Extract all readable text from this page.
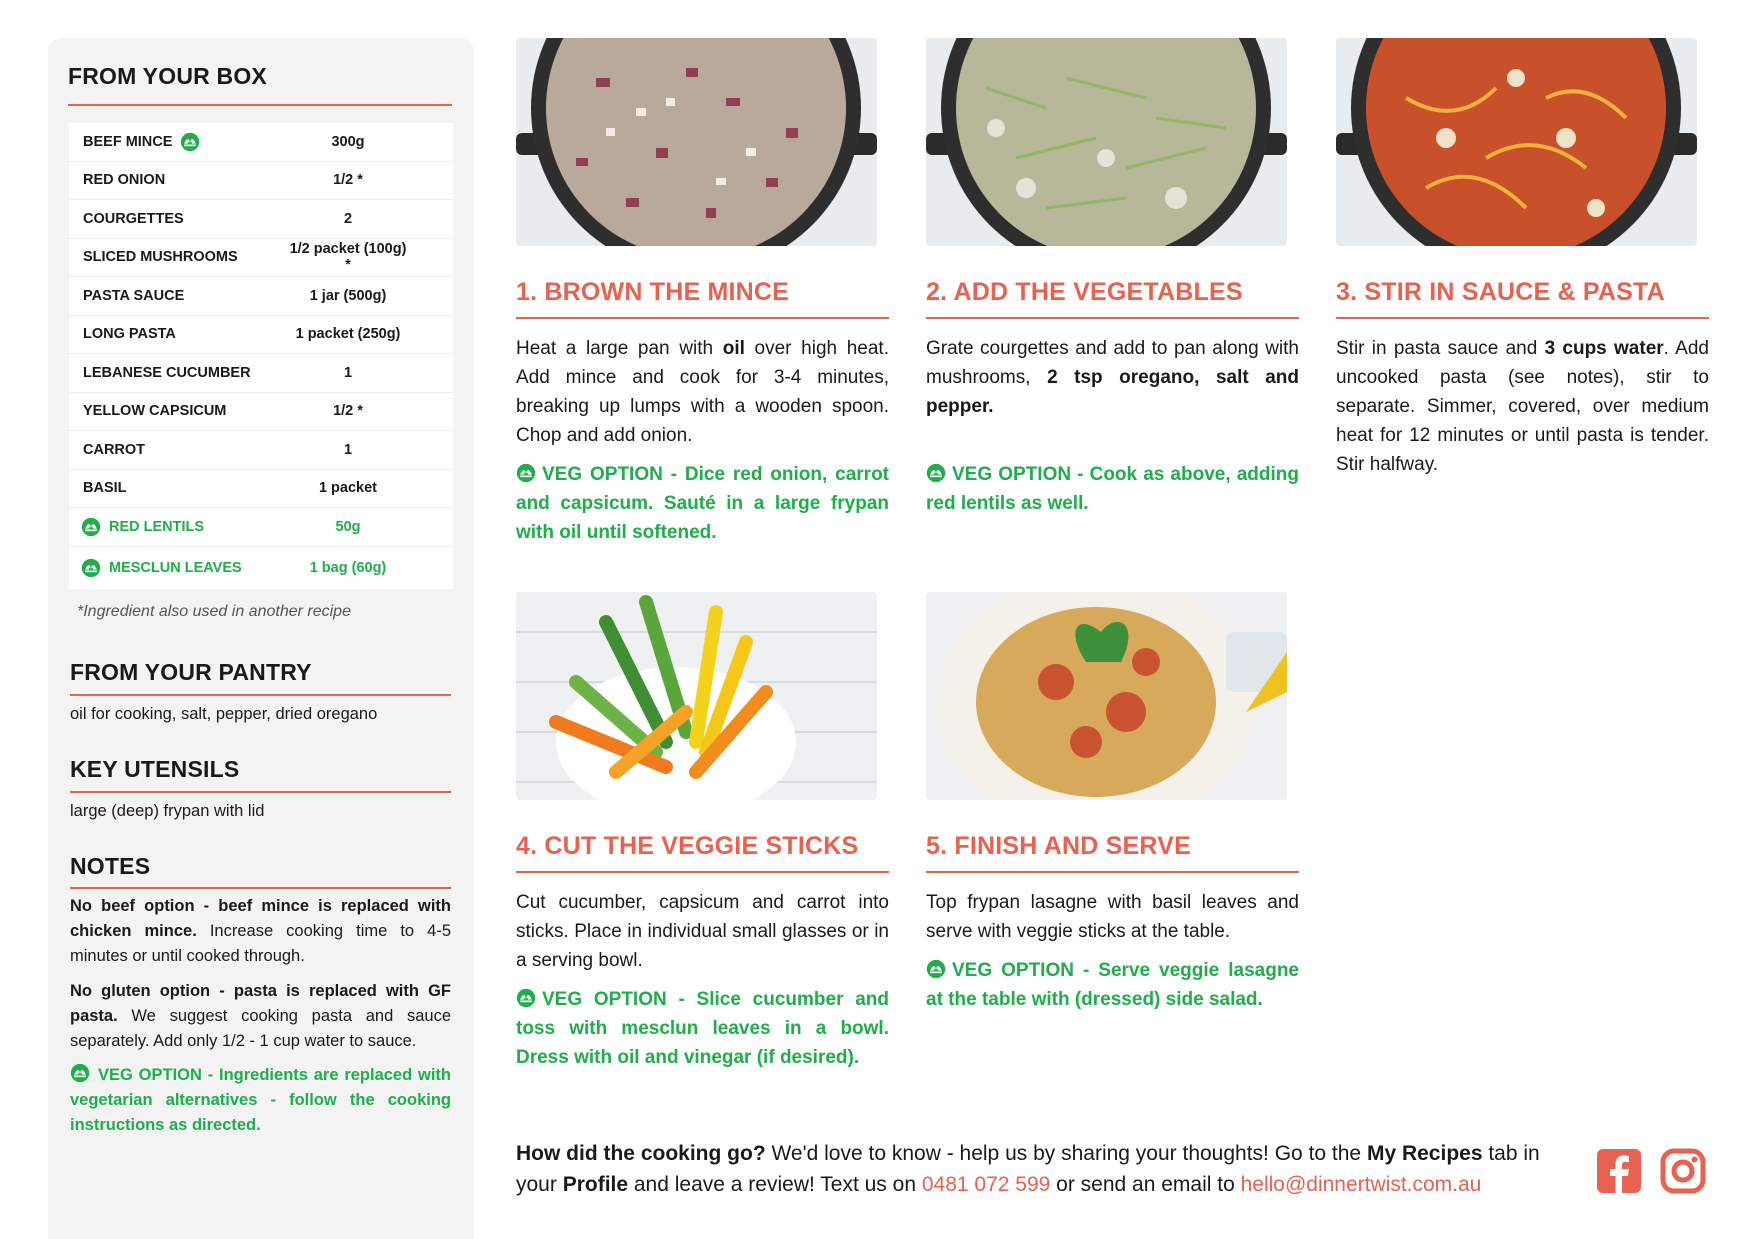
FROM YOUR BOX
BEEF MINCE	300g
RED ONION	1/2 *
COURGETTES	2
SLICED MUSHROOMS	1/2 packet (100g) *
PASTA SAUCE	1 jar (500g)
LONG PASTA	1 packet (250g)
LEBANESE CUCUMBER	1
YELLOW CAPSICUM	1/2 *
CARROT	1
BASIL	1 packet
RED LENTILS	50g
MESCLUN LEAVES	1 bag (60g)
*Ingredient also used in another recipe
FROM YOUR PANTRY
oil for cooking, salt, pepper, dried oregano
KEY UTENSILS
large (deep) frypan with lid
NOTES
No beef option - beef mince is replaced with chicken mince. Increase cooking time to 4-5 minutes or until cooked through.
No gluten option - pasta is replaced with GF pasta. We suggest cooking pasta and sauce separately. Add only 1/2 - 1 cup water to sauce.
VEG OPTION - Ingredients are replaced with vegetarian alternatives - follow the cooking instructions as directed.
1. BROWN THE MINCE
Heat a large pan with oil over high heat. Add mince and cook for 3-4 minutes, breaking up lumps with a wooden spoon. Chop and add onion.
VEG OPTION - Dice red onion, carrot and capsicum. Sauté in a large frypan with oil until softened.
2. ADD THE VEGETABLES
Grate courgettes and add to pan along with mushrooms, 2 tsp oregano, salt and pepper.
VEG OPTION - Cook as above, adding red lentils as well.
3. STIR IN SAUCE & PASTA
Stir in pasta sauce and 3 cups water. Add uncooked pasta (see notes), stir to separate. Simmer, covered, over medium heat for 12 minutes or until pasta is tender. Stir halfway.
4. CUT THE VEGGIE STICKS
Cut cucumber, capsicum and carrot into sticks. Place in individual small glasses or in a serving bowl.
VEG OPTION - Slice cucumber and toss with mesclun leaves in a bowl. Dress with oil and vinegar (if desired).
5. FINISH AND SERVE
Top frypan lasagne with basil leaves and serve with veggie sticks at the table.
VEG OPTION - Serve veggie lasagne at the table with (dressed) side salad.
How did the cooking go? We'd love to know - help us by sharing your thoughts! Go to the My Recipes tab in your Profile and leave a review! Text us on 0481 072 599 or send an email to hello@dinnertwist.com.au
